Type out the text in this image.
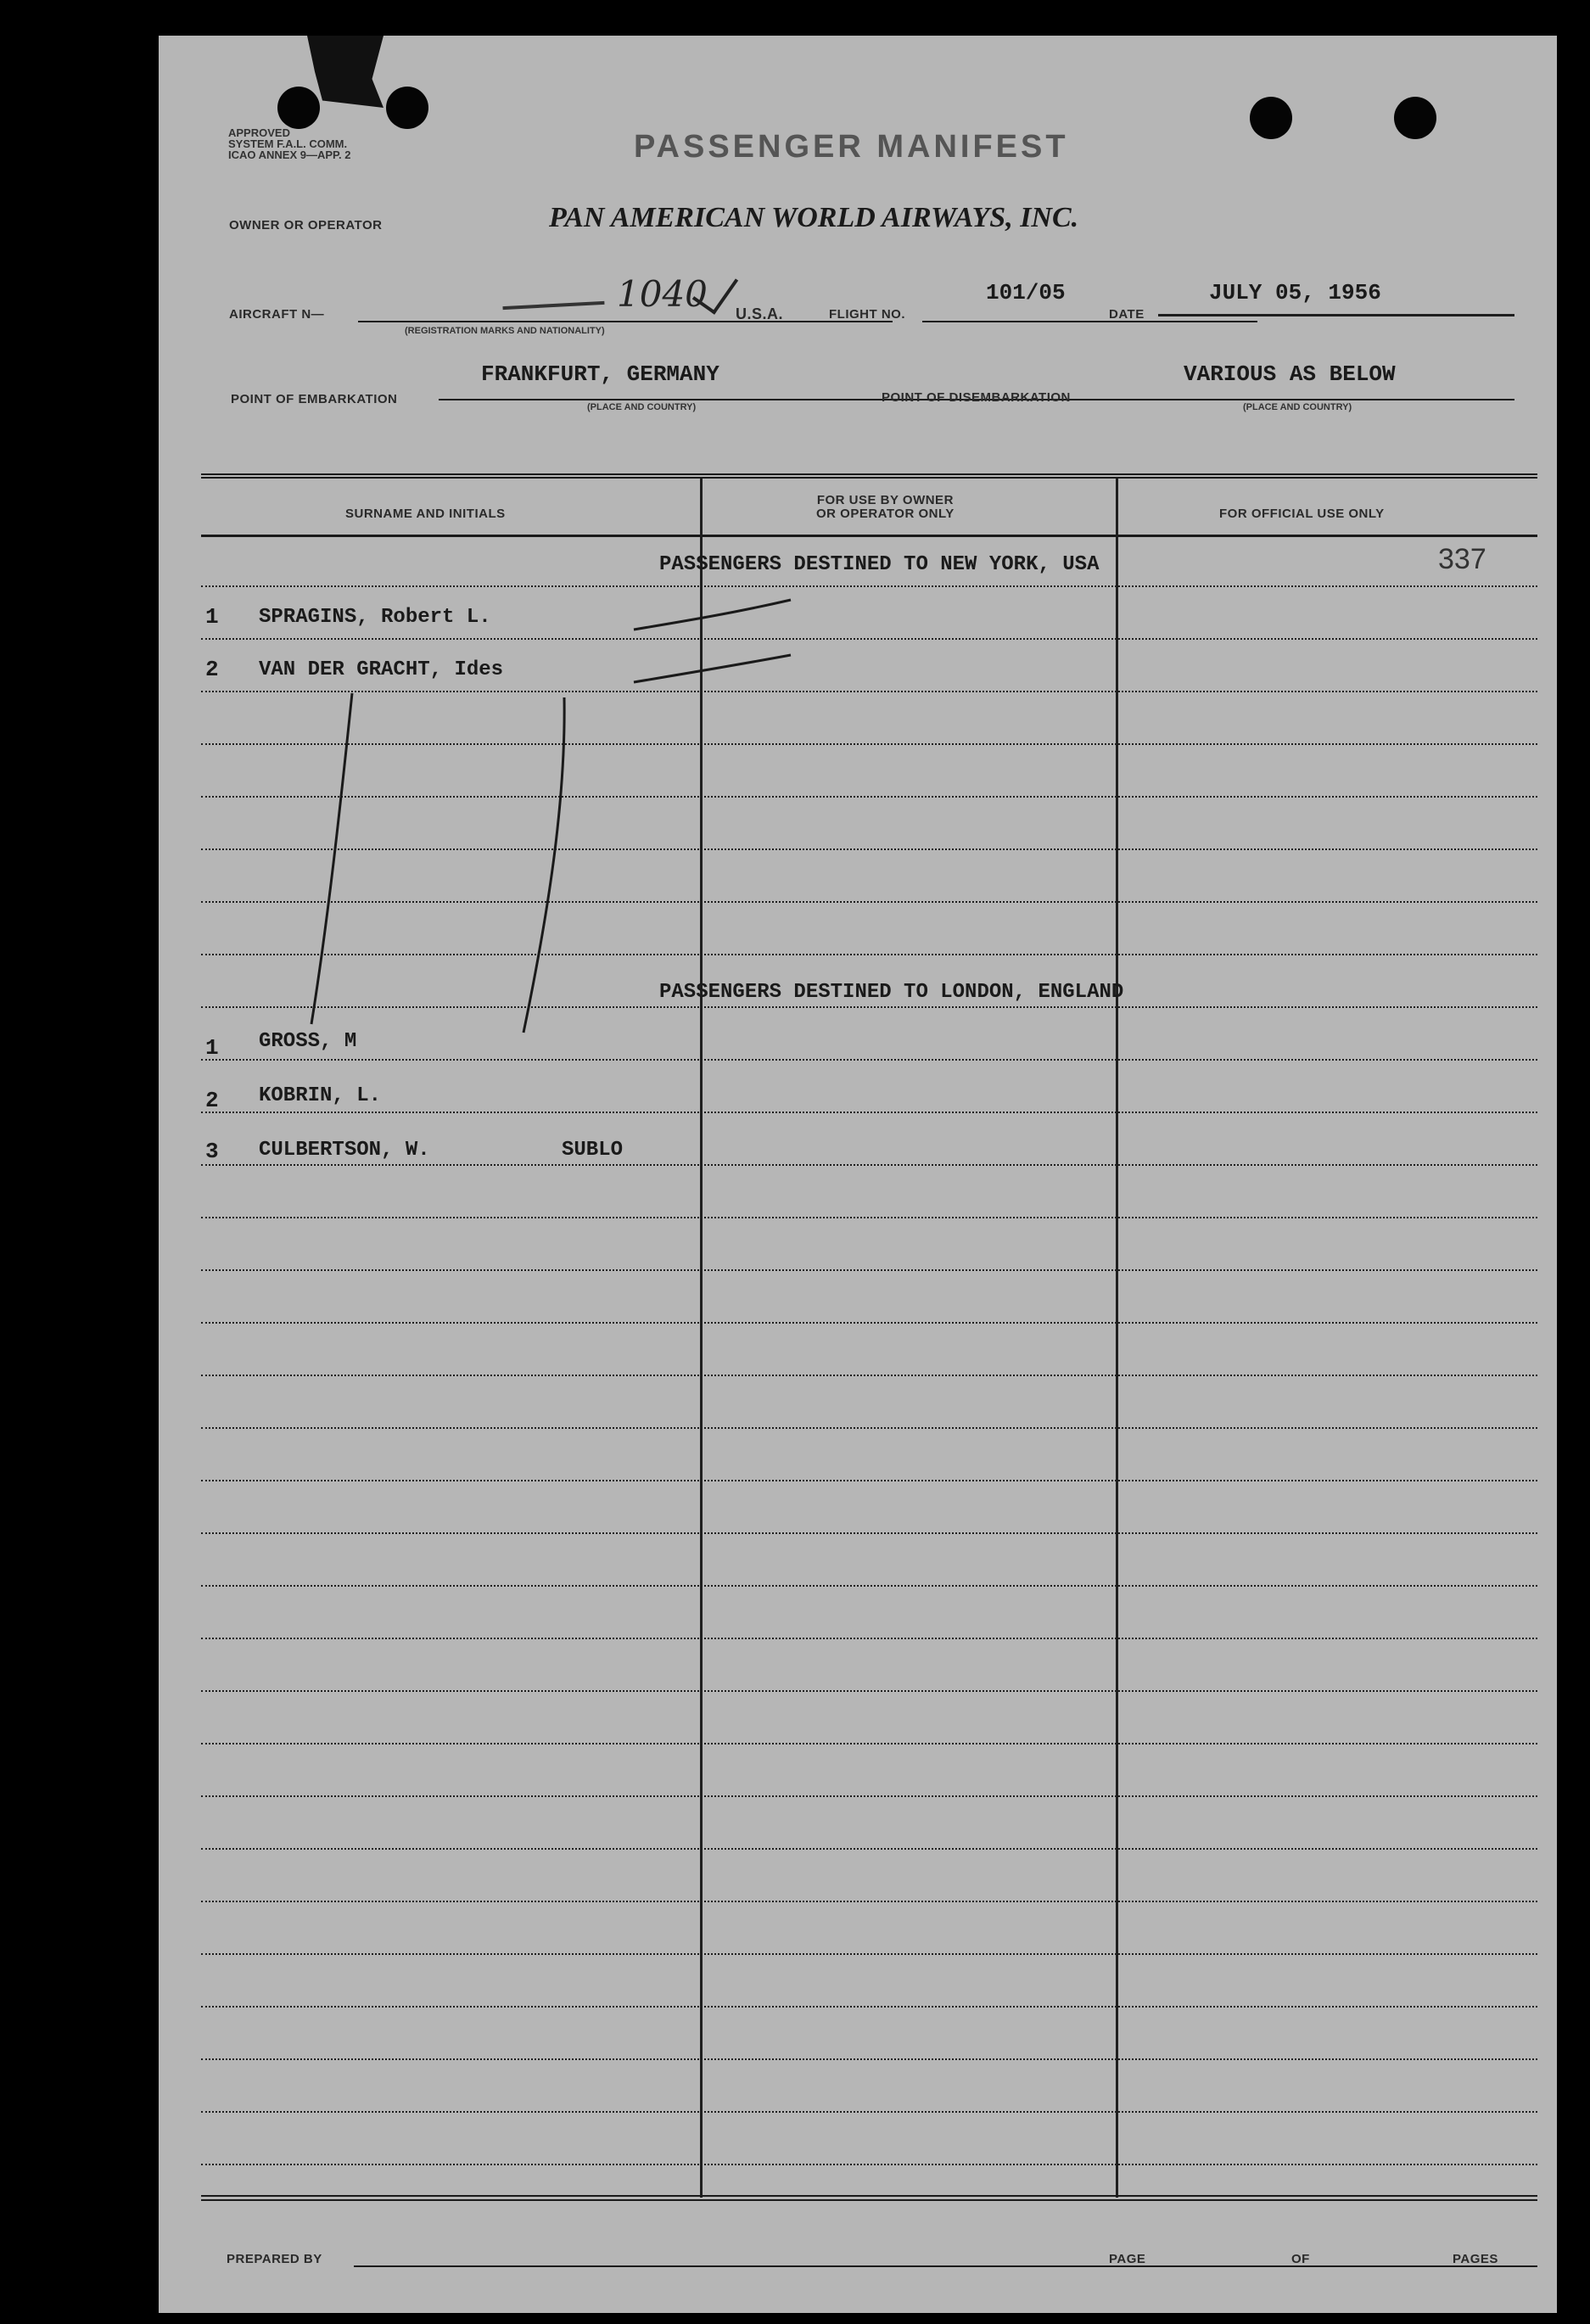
APPROVED
SYSTEM F.A.L. COMM.
ICAO ANNEX 9—APP. 2	PASSENGER MANIFEST
OWNER OR OPERATOR	PAN AMERICAN WORLD AIRWAYS, INC.
AIRCRAFT N—	1040
(REGISTRATION MARKS AND NATIONALITY)
U.S.A.	FLIGHT NO.
101/05
DATE
JULY 05, 1956
POINT OF EMBARKATION
FRANKFURT, GERMANY
(PLACE AND COUNTRY)
POINT OF DISEMBARKATION
VARIOUS AS BELOW
(PLACE AND COUNTRY)
SURNAME AND INITIALS
FOR USE BY OWNER
OR OPERATOR ONLY	FOR OFFICIAL USE ONLY
337
PASSENGERS DESTINED TO NEW YORK, USA
1 SPRAGINS, Robert L.
2 VAN DER GRACHT, Ides
PASSENGERS DESTINED TO LONDON, ENGLAND
1 GROSS, M
2 KOBRIN, L.
3 CULBERTSON, W.	SUBLO
PREPARED BY	PAGE	OF	PAGES
